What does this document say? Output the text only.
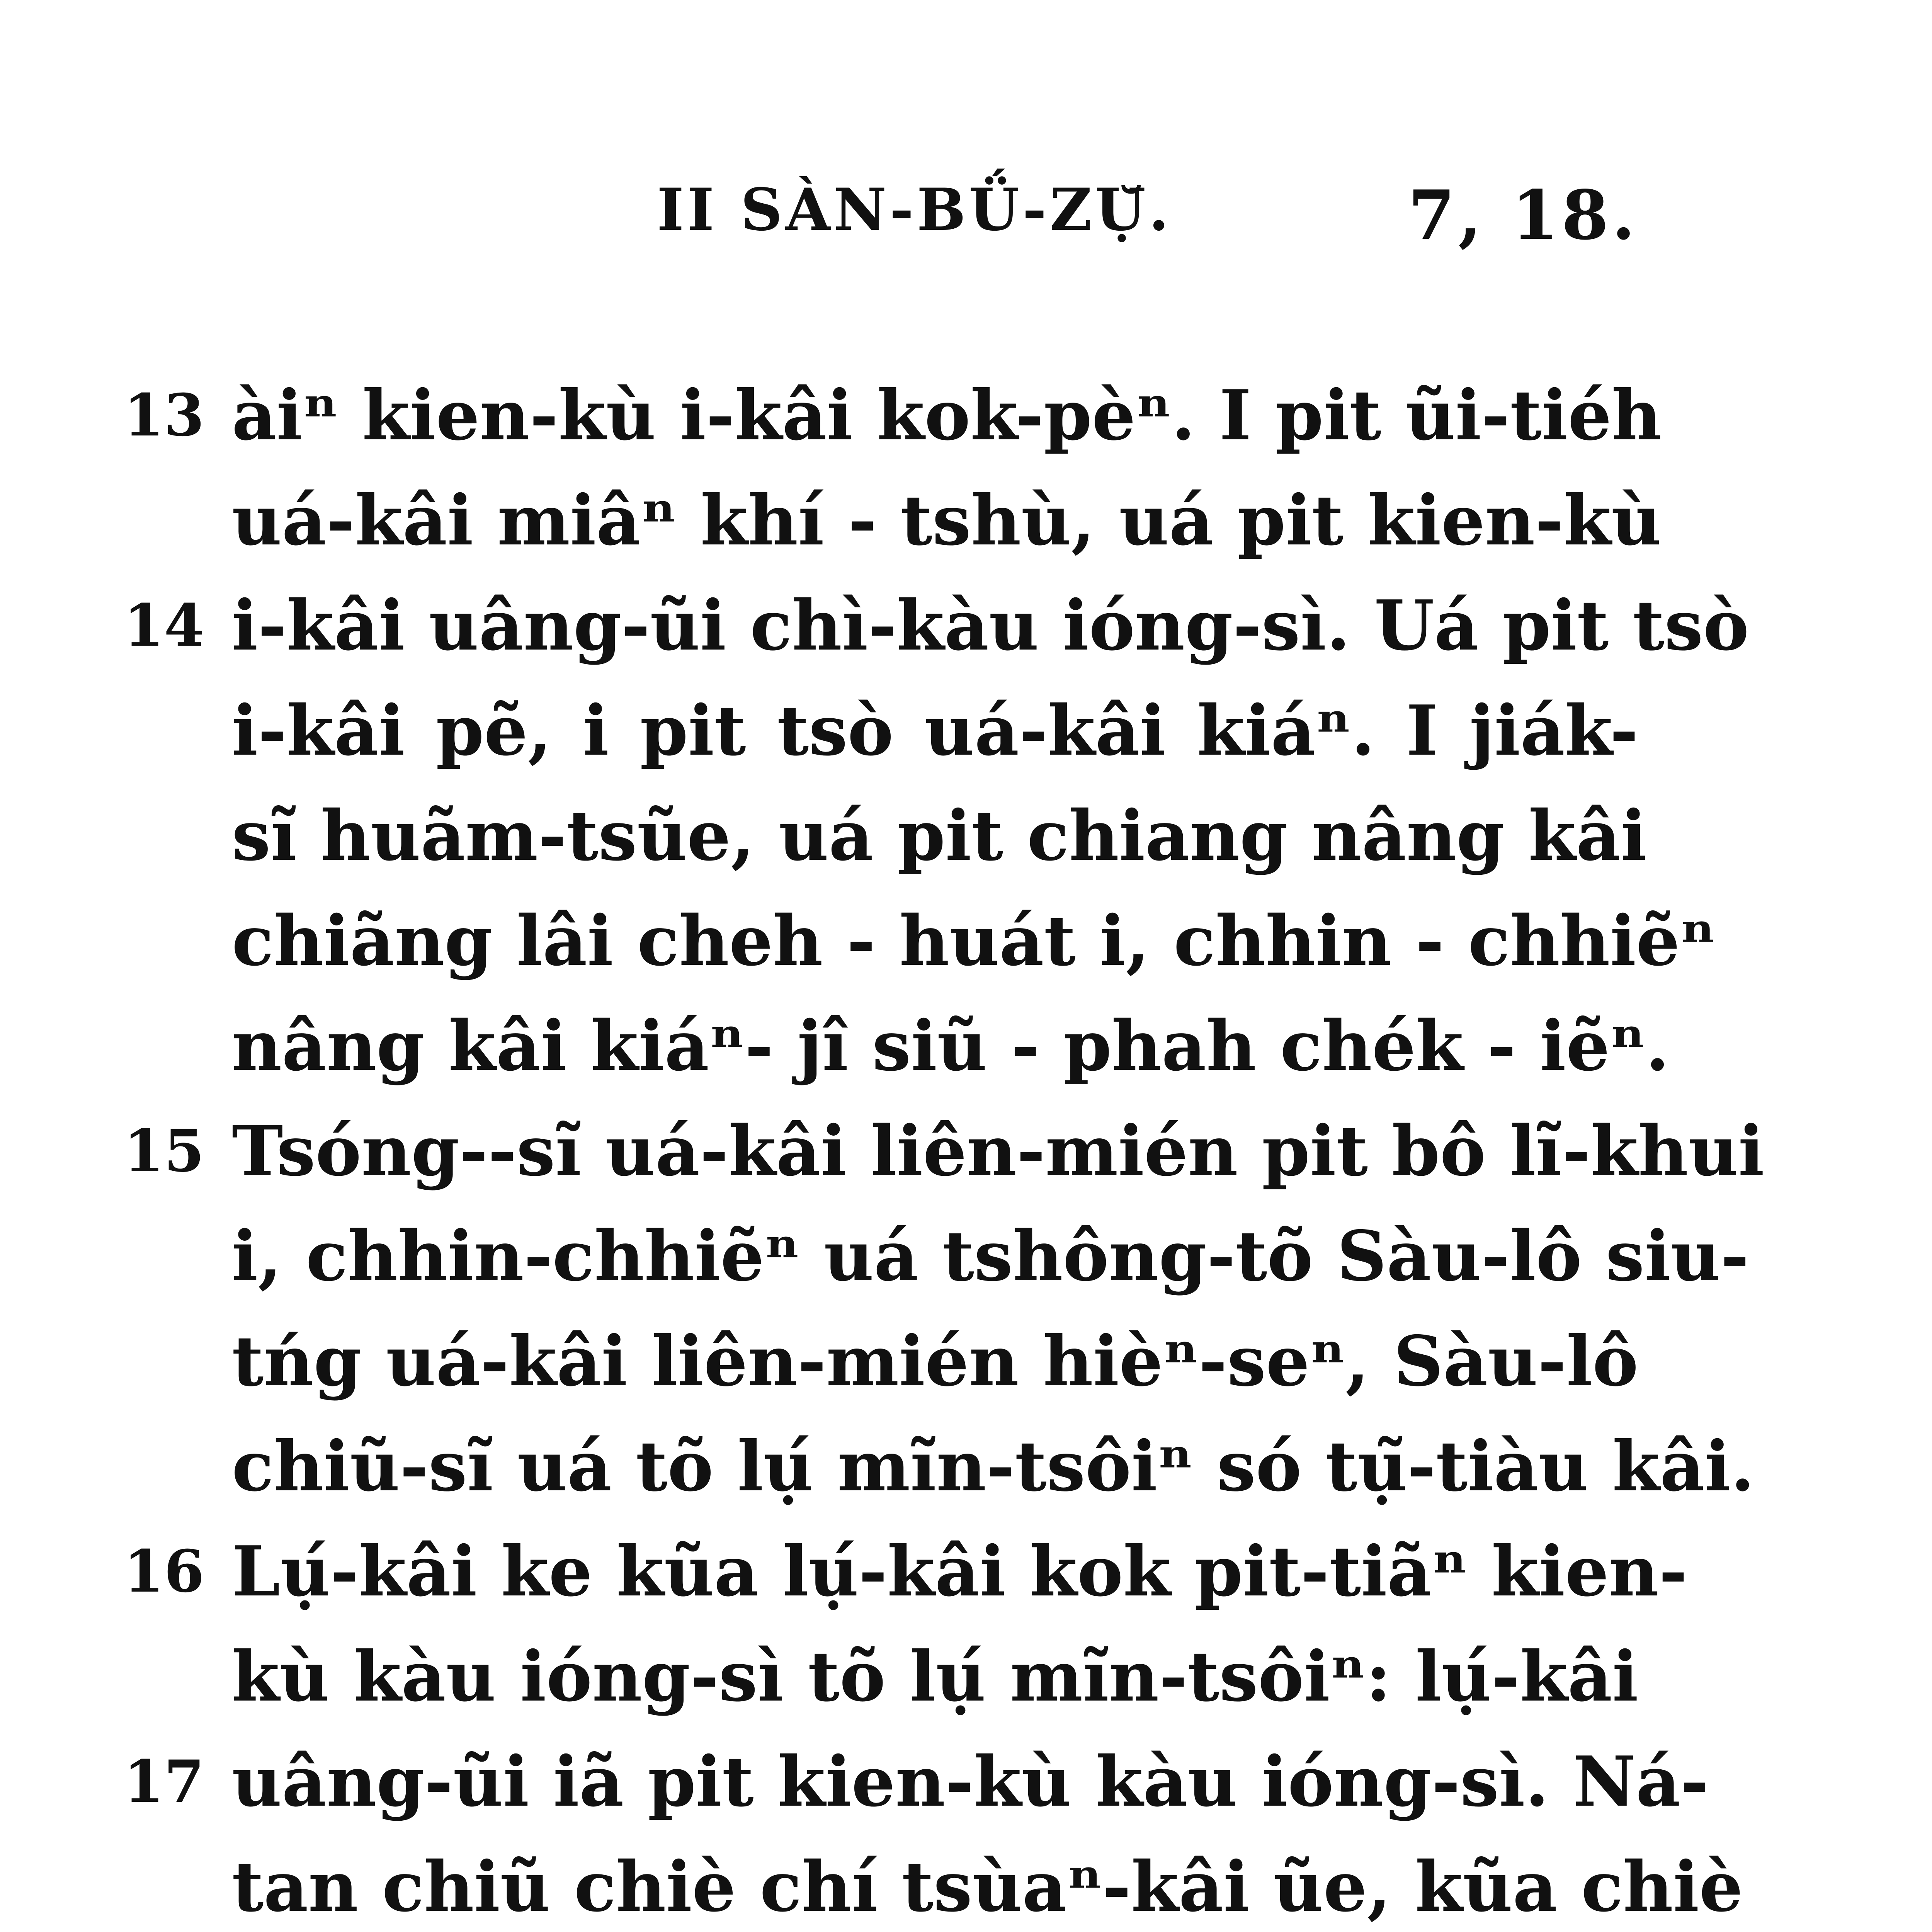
II SÀN-BǗ-ZỤ̆.	7, 18.
13 àiⁿ kien-kù i-kâi kok-pèⁿ. I pit ũi-tiéh
uá-kâi miâⁿ khí - tshù, uá pit kien-kù
14 i-kâi uâng-ũi chì-kàu ióng-sì. Uá pit tsò
i-kâi pẽ, i pit tsò uá-kâi kiáⁿ. I jiák-
sĩ huãm-tsũe, uá pit chiang nâng kâi
chiãng lâi cheh - huát i, chhin - chhiẽⁿ
nâng kâi kiáⁿ- jî siũ - phah chék - iẽⁿ.
15 Tsóng--sĩ uá-kâi liên-mién pit bô lĩ-khui
i, chhin-chhiẽⁿ uá tshông-tõ Sàu-lô siu-
tńg uá-kâi liên-mién hièⁿ-seⁿ, Sàu-lô
chiũ-sĩ uá tõ lụ́ mĩn-tsôiⁿ só tụ̃-tiàu kâi.
16 Lụ́-kâi ke kũa lụ́-kâi kok pit-tiãⁿ kien-
kù kàu ióng-sì tõ lụ́ mĩn-tsôiⁿ: lụ́-kâi
17 uâng-ũi iã pit kien-kù kàu ióng-sì. Ná-
tan chiũ chiè chí tsùaⁿ-kâi ũe, kũa chiè
